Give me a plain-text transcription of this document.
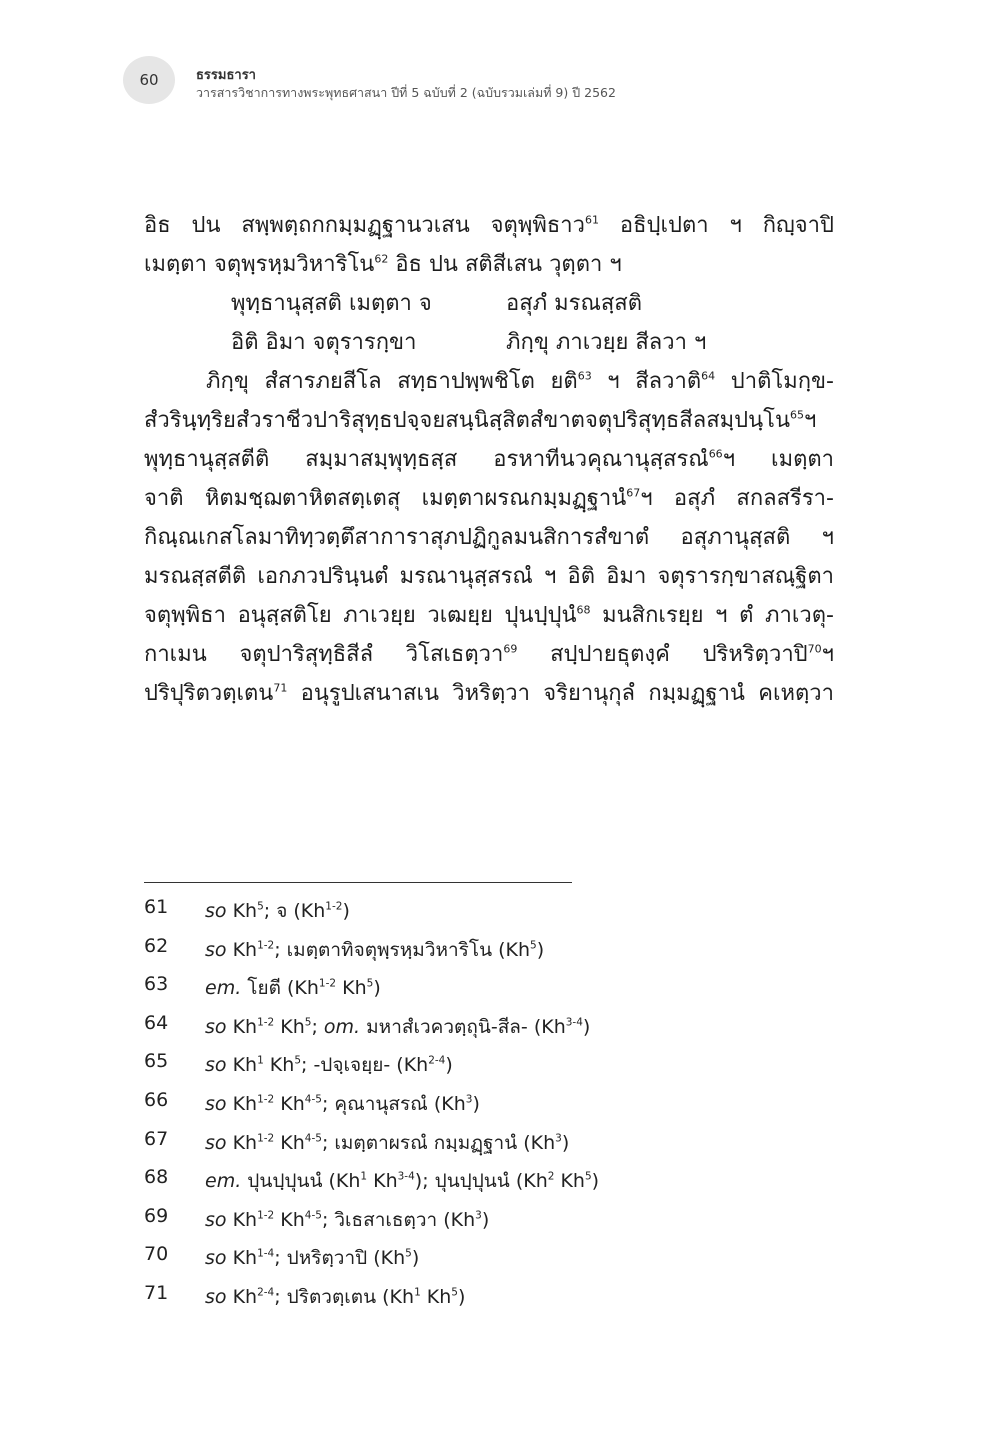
60	ธรรมธารา
วารสารวิชาการทางพระพุทธศาสนา ปีที่ 5 ฉบับที่ 2 (ฉบับรวมเล่มที่ 9) ปี 2562
อิธ ปน สพฺพตฺถกกมฺมฏฺฐานวเสน จตุพฺพิธาว$^{61}$ อธิปฺเปตา ฯ กิญฺจาปิ
เมตฺตา จตุพฺรหฺมวิหาริโน$^{62}$ อิธ ปน สติสีเสน วุตฺตา ฯ
พุทฺธานุสฺสติ เมตฺตา จ	อสุภํ มรณสฺสติ
อิติ อิมา จตุรารกฺขา	ภิกฺขุ ภาเวยฺย สีลวา ฯ
ภิกฺขุ สํสารภยสีโล สทฺธาปพฺพชิโต ยติ$^{63}$ ฯ สีลวาติ$^{64}$ ปาติโมกฺข-
สํวรินฺทฺริยสํวราชีวปาริสุทฺธปจฺจยสนฺนิสฺสิตสํขาตจตุปริสุทฺธสีลสมฺปนฺโน$^{65}$ฯ
พุทฺธานุสฺสตีติ สมฺมาสมฺพุทฺธสฺส อรหาทีนวคุณานุสฺสรณํ$^{66}$ฯ เมตฺตา
จาติ หิตมชฺฌตาหิตสตฺเตสุ เมตฺตาผรณกมฺมฏฺฐานํ$^{67}$ฯ อสุภํ สกลสรีรา-
กิณฺณเกสโลมาทิทฺวตฺตึสาการาสุภปฏิกูลมนสิการสํขาตํ อสุภานุสฺสติ ฯ
มรณสฺสตีติ เอกภวปรินฺนตํ มรณานุสฺสรณํ ฯ อิติ อิมา จตุรารกฺขาสณฺฐิตา
จตุพฺพิธา อนุสฺสติโย ภาเวยฺย วเฒยฺย ปุนปฺปุนํ$^{68}$ มนสิกเรยฺย ฯ ตํ ภาเวตุ-
กาเมน จตุปาริสุทฺธิสีลํ วิโสเธตฺวา$^{69}$ สปฺปายธุตงฺคํ ปริหริตฺวาปิ$^{70}$ฯ
ปริปุริตวตฺเตน$^{71}$ อนุรูปเสนาสเน วิหริตฺวา จริยานุกุลํ กมฺมฏฺฐานํ คเหตฺวา
61 so Kh$^5$; จ (Kh$^{1-2}$)
62 so Kh$^{1-2}$; เมตฺตาทิจตุพฺรหฺมวิหาริโน (Kh$^5$)
63 em. โยตี (Kh$^{1-2}$ Kh$^5$)
64 so Kh$^{1-2}$ Kh$^5$; om. มหาสํเวควตฺถุนิ-สีล- (Kh$^{3-4}$)
65 so Kh$^1$ Kh$^5$; -ปจฺเจยฺย- (Kh$^{2-4}$)
66 so Kh$^{1-2}$ Kh$^{4-5}$; คุณานุสรณํ (Kh$^3$)
67 so Kh$^{1-2}$ Kh$^{4-5}$; เมตฺตาผรณํ กมฺมฏฺฐานํ (Kh$^3$)
68 em. ปุนปฺปุนนํ (Kh$^1$ Kh$^{3-4}$); ปุนปฺปุนนํ (Kh$^2$ Kh$^5$)
69 so Kh$^{1-2}$ Kh$^{4-5}$; วิเธสาเธตฺวา (Kh$^3$)
70 so Kh$^{1-4}$; ปหริตฺวาปิ (Kh$^5$)
71 so Kh$^{2-4}$; ปริตวตฺเตน (Kh$^1$ Kh$^5$)
